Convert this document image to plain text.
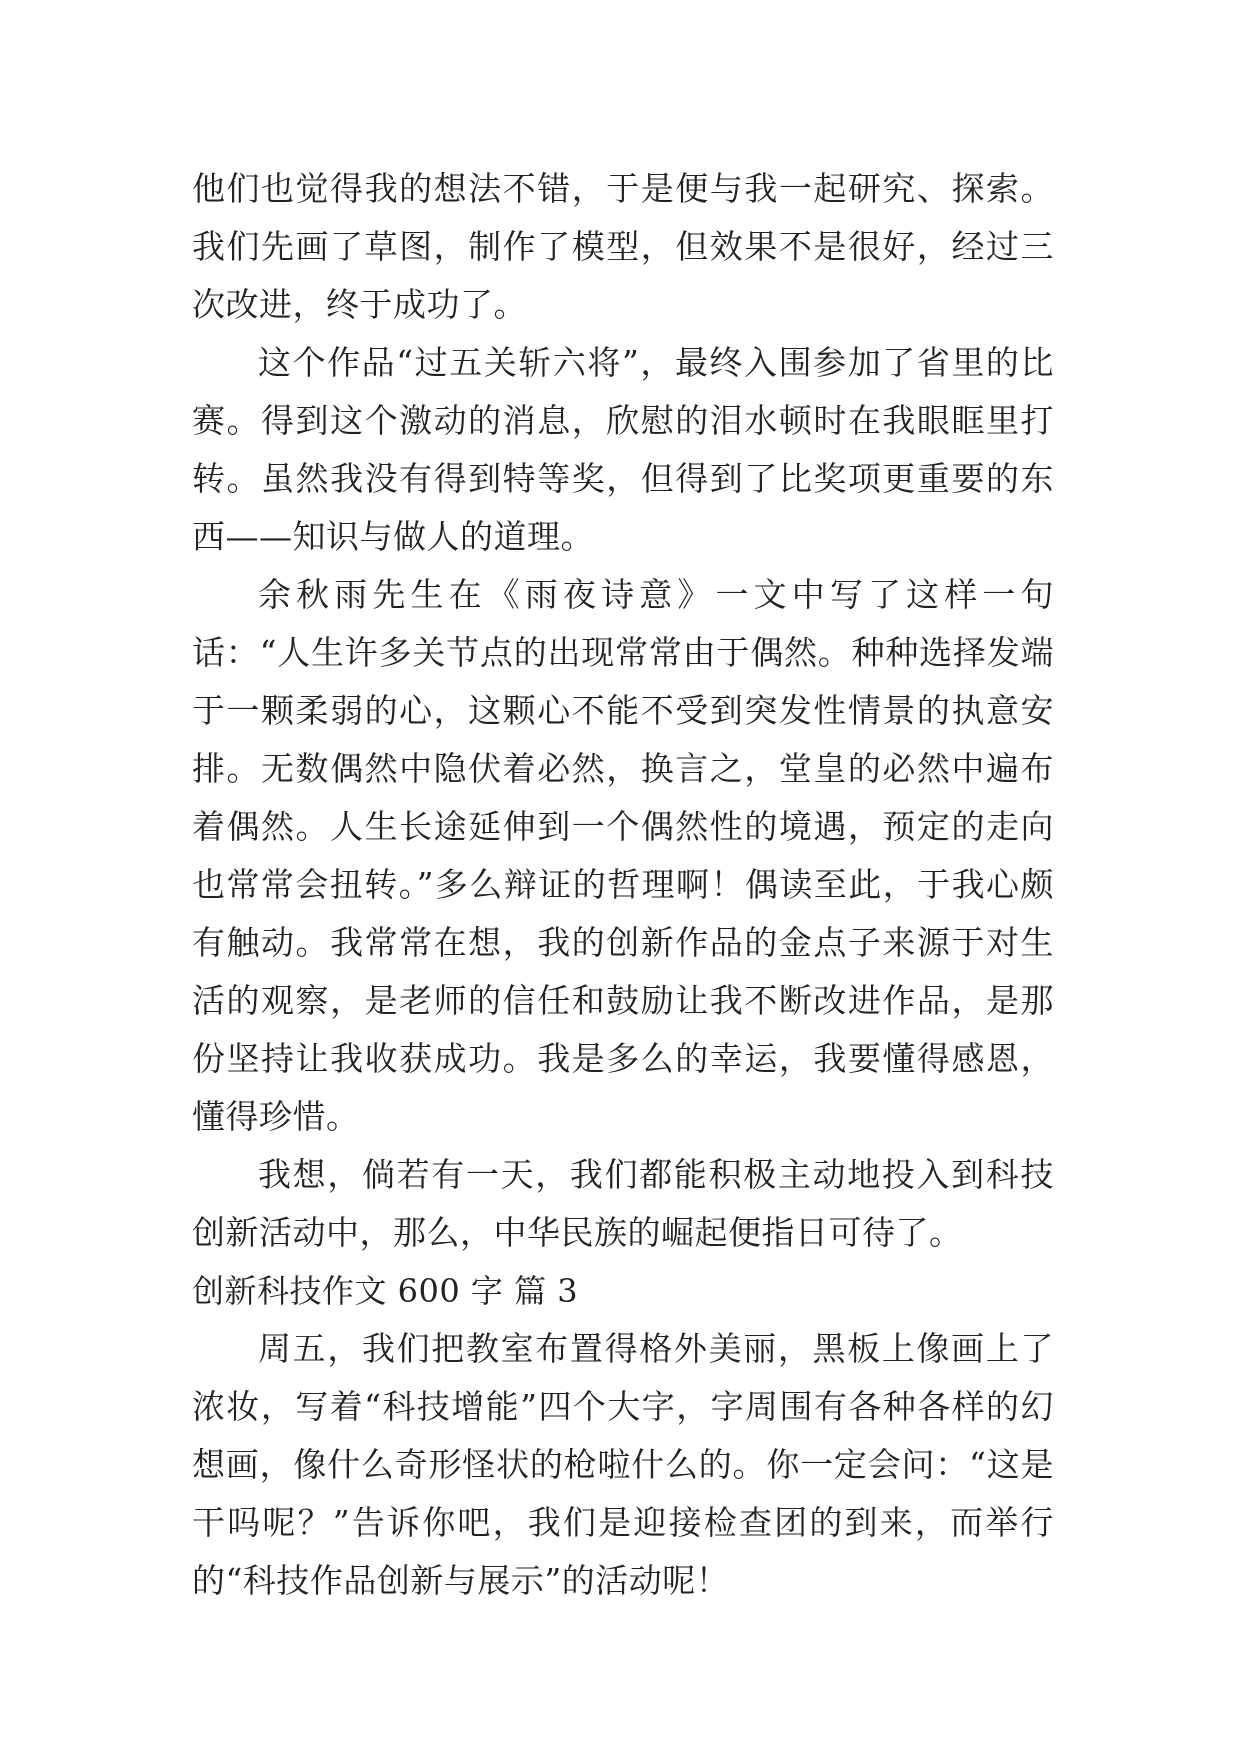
他们也觉得我的想法不错，于是便与我一起研究、探索。我们先画了草图，制作了模型，但效果不是很好，经过三次改进，终于成功了。

这个作品“过五关斩六将”，最终入围参加了省里的比赛。得到这个激动的消息，欣慰的泪水顿时在我眼眶里打转。虽然我没有得到特等奖，但得到了比奖项更重要的东西——知识与做人的道理。

余秋雨先生在《雨夜诗意》一文中写了这样一句话：“人生许多关节点的出现常常由于偶然。种种选择发端于一颗柔弱的心，这颗心不能不受到突发性情景的执意安排。无数偶然中隐伏着必然，换言之，堂皇的必然中遍布着偶然。人生长途延伸到一个偶然性的境遇，预定的走向也常常会扭转。”多么辩证的哲理啊！偶读至此，于我心颇有触动。我常常在想，我的创新作品的金点子来源于对生活的观察，是老师的信任和鼓励让我不断改进作品，是那份坚持让我收获成功。我是多么的幸运，我要懂得感恩，懂得珍惜。

我想，倘若有一天，我们都能积极主动地投入到科技创新活动中，那么，中华民族的崛起便指日可待了。

创新科技作文 600 字 篇 3

周五，我们把教室布置得格外美丽，黑板上像画上了浓妆，写着“科技增能”四个大字，字周围有各种各样的幻想画，像什么奇形怪状的枪啦什么的。你一定会问：“这是干吗呢？”告诉你吧，我们是迎接检查团的到来，而举行的“科技作品创新与展示”的活动呢！
